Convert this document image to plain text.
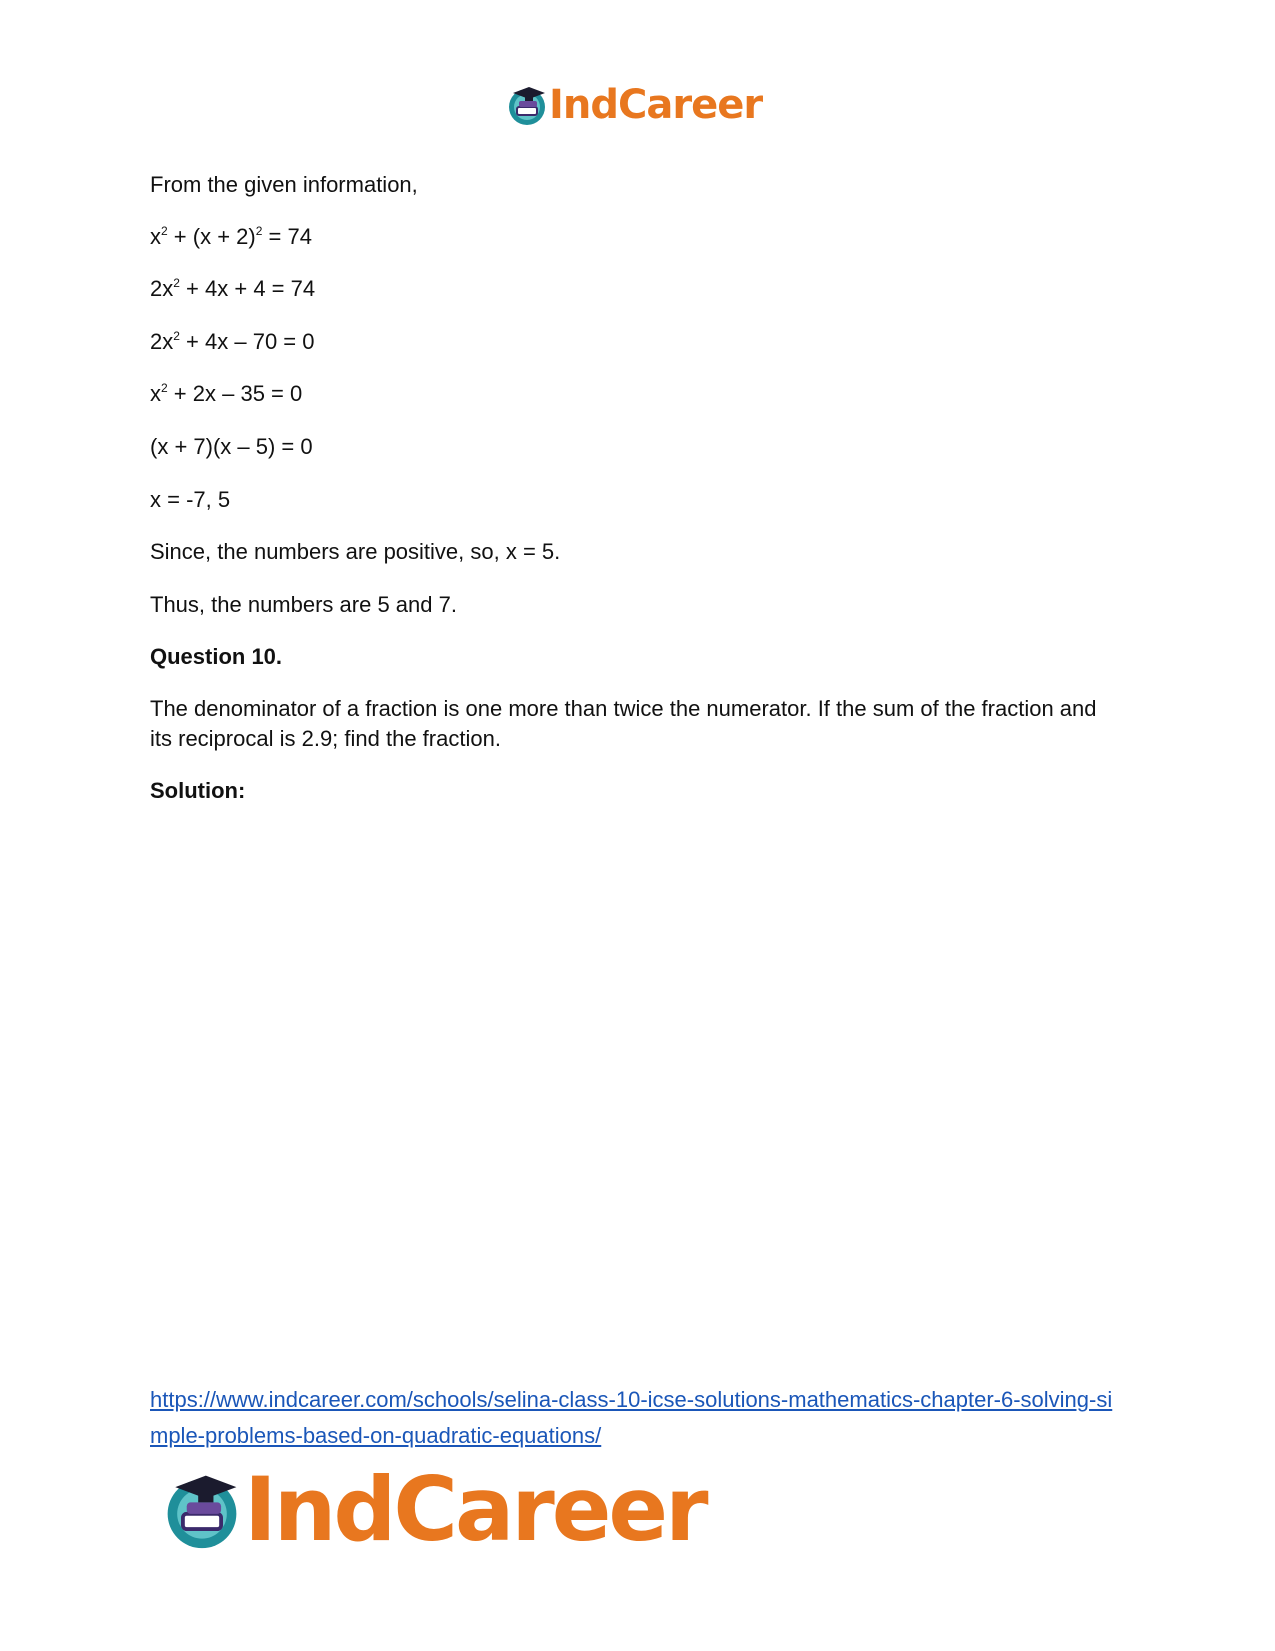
IndCareer
From the given information,
$x^2 + (x + 2)^2 = 74$
$2x^2 + 4x + 4 = 74$
$2x^2 + 4x - 70 = 0$
$x^2 + 2x - 35 = 0$
(x + 7)(x – 5) = 0
x = -7, 5
Since, the numbers are positive, so, x = 5.
Thus, the numbers are 5 and 7.
Question 10.
The denominator of a fraction is one more than twice the numerator. If the sum of the fraction and its reciprocal is 2.9; find the fraction.
Solution:
https://www.indcareer.com/schools/selina-class-10-icse-solutions-mathematics-chapter-6-solving-simple-problems-based-on-quadratic-equations/
IndCareer
